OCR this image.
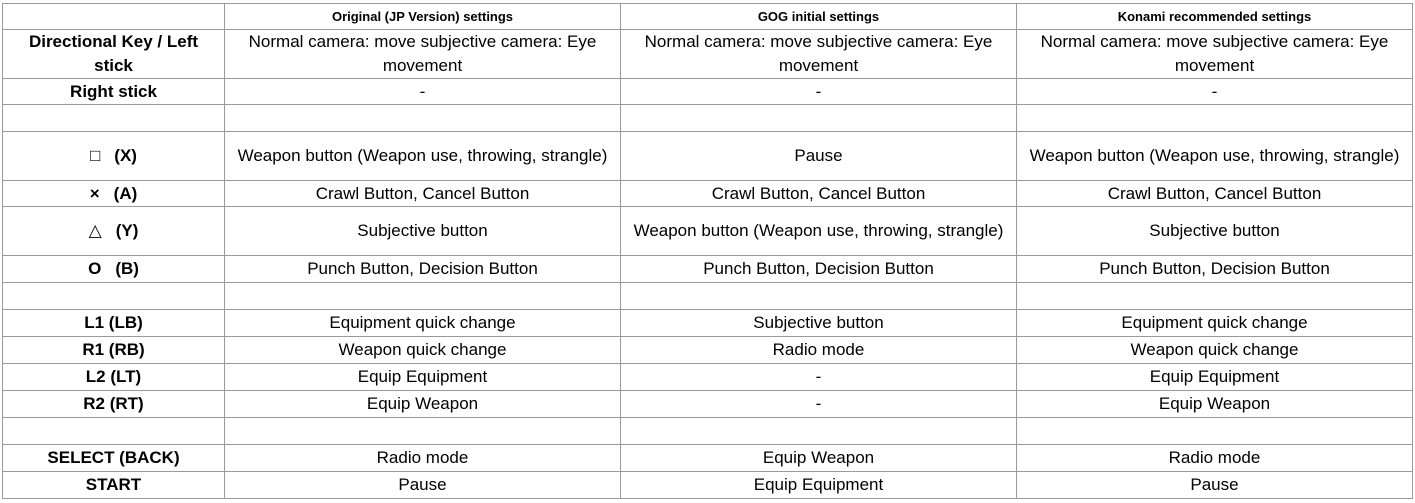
	Original (JP Version) settings	GOG initial settings	Konami recommended settings
Directional Key / Left stick	Normal camera: move subjective camera: Eye movement	Normal camera: move subjective camera: Eye movement	Normal camera: move subjective camera: Eye movement
Right stick	-	-	-

□ (X)	Weapon button (Weapon use, throwing, strangle)	Pause	Weapon button (Weapon use, throwing, strangle)
× (A)	Crawl Button, Cancel Button	Crawl Button, Cancel Button	Crawl Button, Cancel Button
△ (Y)	Subjective button	Weapon button (Weapon use, throwing, strangle)	Subjective button
O (B)	Punch Button, Decision Button	Punch Button, Decision Button	Punch Button, Decision Button

L1 (LB)	Equipment quick change	Subjective button	Equipment quick change
R1 (RB)	Weapon quick change	Radio mode	Weapon quick change
L2 (LT)	Equip Equipment	-	Equip Equipment
R2 (RT)	Equip Weapon	-	Equip Weapon

SELECT (BACK)	Radio mode	Equip Weapon	Radio mode
START	Pause	Equip Equipment	Pause
